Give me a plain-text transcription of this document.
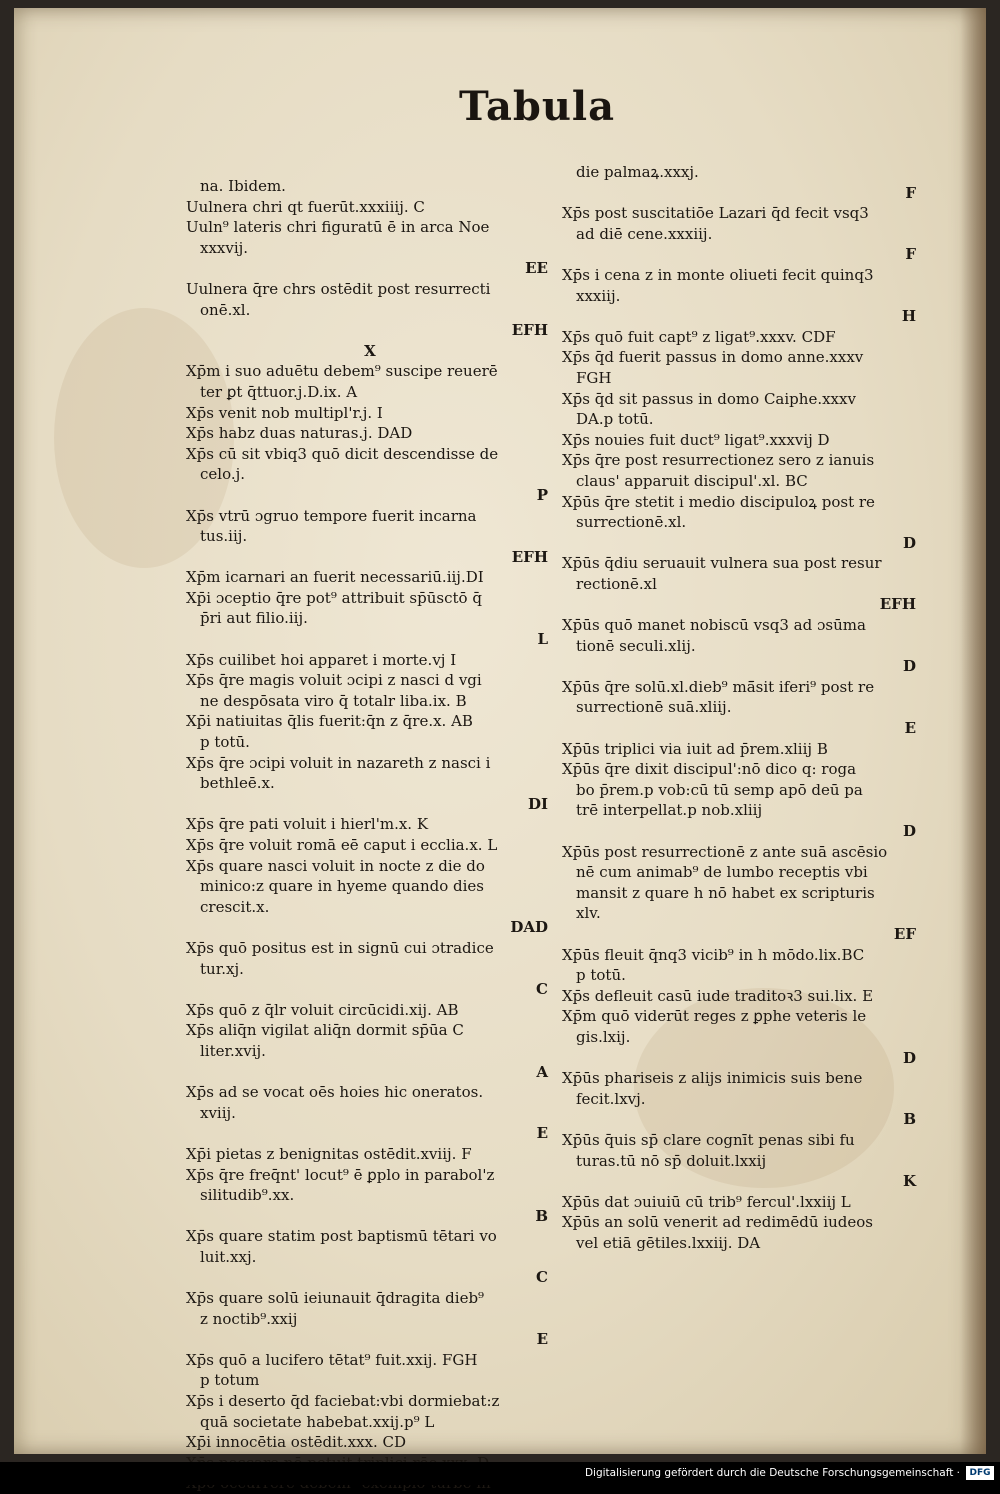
Tabula
na. Ibidem.
Uulnera chri qt fuerūt.xxxiiij. C
Uuln⁹ lateris chri figuratū ē in arca Noe
xxxvij.
EE
Uulnera q̄re chrs ostēdit post resurrecti
onē.xl.
EFH
X
Xp̄m i suo aduētu debem⁹ suscipe reuerē
ter ꝑt q̄ttuor.j.D.ix. A
Xp̄s venit nob multipl'r.j. I
Xp̄s habz duas naturas.j. DAD
Xp̄s cū sit vbiq3 quō dicit descendisse de
celo.j.
P
Xp̄s vtrū ɔgruo tempore fuerit incarna
tus.iij.
EFH
Xp̄m icarnari an fuerit necessariū.iij.DI
Xp̄i ɔceptio q̄re pot⁹ attribuit sp̄ūsctō q̄
p̄ri aut filio.iij.
L
Xp̄s cuilibet hoi apparet i morte.vj I
Xp̄s q̄re magis voluit ɔcipi z nasci d vgi
ne despōsata viro q̄ totalr liba.ix. B
Xp̄i natiuitas q̄lis fuerit:q̄n z q̄re.x. AB
p totū.
Xp̄s q̄re ɔcipi voluit in nazareth z nasci i
bethleē.x.
DI
Xp̄s q̄re pati voluit i hierl'm.x. K
Xp̄s q̄re voluit romā eē caput i ecclia.x. L
Xp̄s quare nasci voluit in nocte z die do
minico:z quare in hyeme quando dies
crescit.x.
DAD
Xp̄s quō positus est in signū cui ɔtradice
tur.xj.
C
Xp̄s quō z q̄lr voluit circūcidi.xij. AB
Xp̄s aliq̄n vigilat aliq̄n dormit sp̄ūa C
liter.xvij.
A
Xp̄s ad se vocat oēs hoies hic oneratos.
xviij.
E
Xp̄i pietas z benignitas ostēdit.xviij. F
Xp̄s q̄re freq̄nt' locut⁹ ē ꝑplo in parabol'z
silitudib⁹.xx.
B
Xp̄s quare statim post baptismū tētari vo
luit.xxj.
C
Xp̄s quare solū ieiunauit q̄dragita dieb⁹
z noctib⁹.xxij
E
Xp̄s quō a lucifero tētat⁹ fuit.xxij. FGH
p totum
Xp̄s i deserto q̄d faciebat:vbi dormiebat:z
quā societate habebat.xxij.p⁹ L
Xp̄i innocētia ostēdit.xxx. CD
die palmaꝝ.xxxj.
F
Xp̄s post suscitatiōe Lazari q̄d fecit vsq3
ad diē cene.xxxiij.
F
Xp̄s i cena z in monte oliueti fecit quinq3
xxxiij.
H
Xp̄s quō fuit capt⁹ z ligat⁹.xxxv. CDF
Xp̄s q̄d fuerit passus in domo anne.xxxv
FGH
Xp̄s q̄d sit passus in domo Caiphe.xxxv
DA.p totū.
Xp̄s nouies fuit duct⁹ ligat⁹.xxxvij D
Xp̄s q̄re post resurrectionez sero z ianuis
claus' apparuit discipul'.xl. BC
Xp̄ūs q̄re stetit i medio discipuloꝝ post re
surrectionē.xl.
D
Xp̄ūs q̄diu seruauit vulnera sua post resur
rectionē.xl
EFH
Xp̄ūs quō manet nobiscū vsq3 ad ɔsūma
tionē seculi.xlij.
D
Xp̄ūs q̄re solū.xl.dieb⁹ mā̄sit iferi⁹ post re
surrectionē suā.xliij.
E
Xp̄ūs triplici via iuit ad p̄rem.xliij B
Xp̄ūs q̄re dixit discipul':nō dico q: roga
bo p̄rem.p vob:cū tū semp apō deū pa
trē interpellat.p nob.xliij
D
Xp̄ūs post resurrectionē z ante suā ascēsio
nē cum animab⁹ de lumbo receptis vbi
mansit z quare h nō habet ex scripturis
xlv.
EF
Xp̄ūs fleuit q̄nq3 vicib⁹ in h mōdo.lix.BC
p totū.
Xp̄s defleuit casū iude traditoꝛ3 sui.lix. E
Xp̄m quō viderūt reges z ꝑphe veteris le
gis.lxij.
D
Xp̄ūs phariseis z alijs inimicis suis bene
fecit.lxvj.
B
Xp̄ūs q̄uis sp̄ clare cognīt penas sibi fu
turas.tū nō sp̄ doluit.lxxij
K
Xp̄ūs dat ɔuiuiū cū trib⁹ fercul'.lxxiij L
Xp̄ūs an solū venerit ad redimēdū iudeos
vel etiā gētiles.lxxiij. DA
Digitalisierung gefördert durch die Deutsche Forschungsgemeinschaft ·	DFG
